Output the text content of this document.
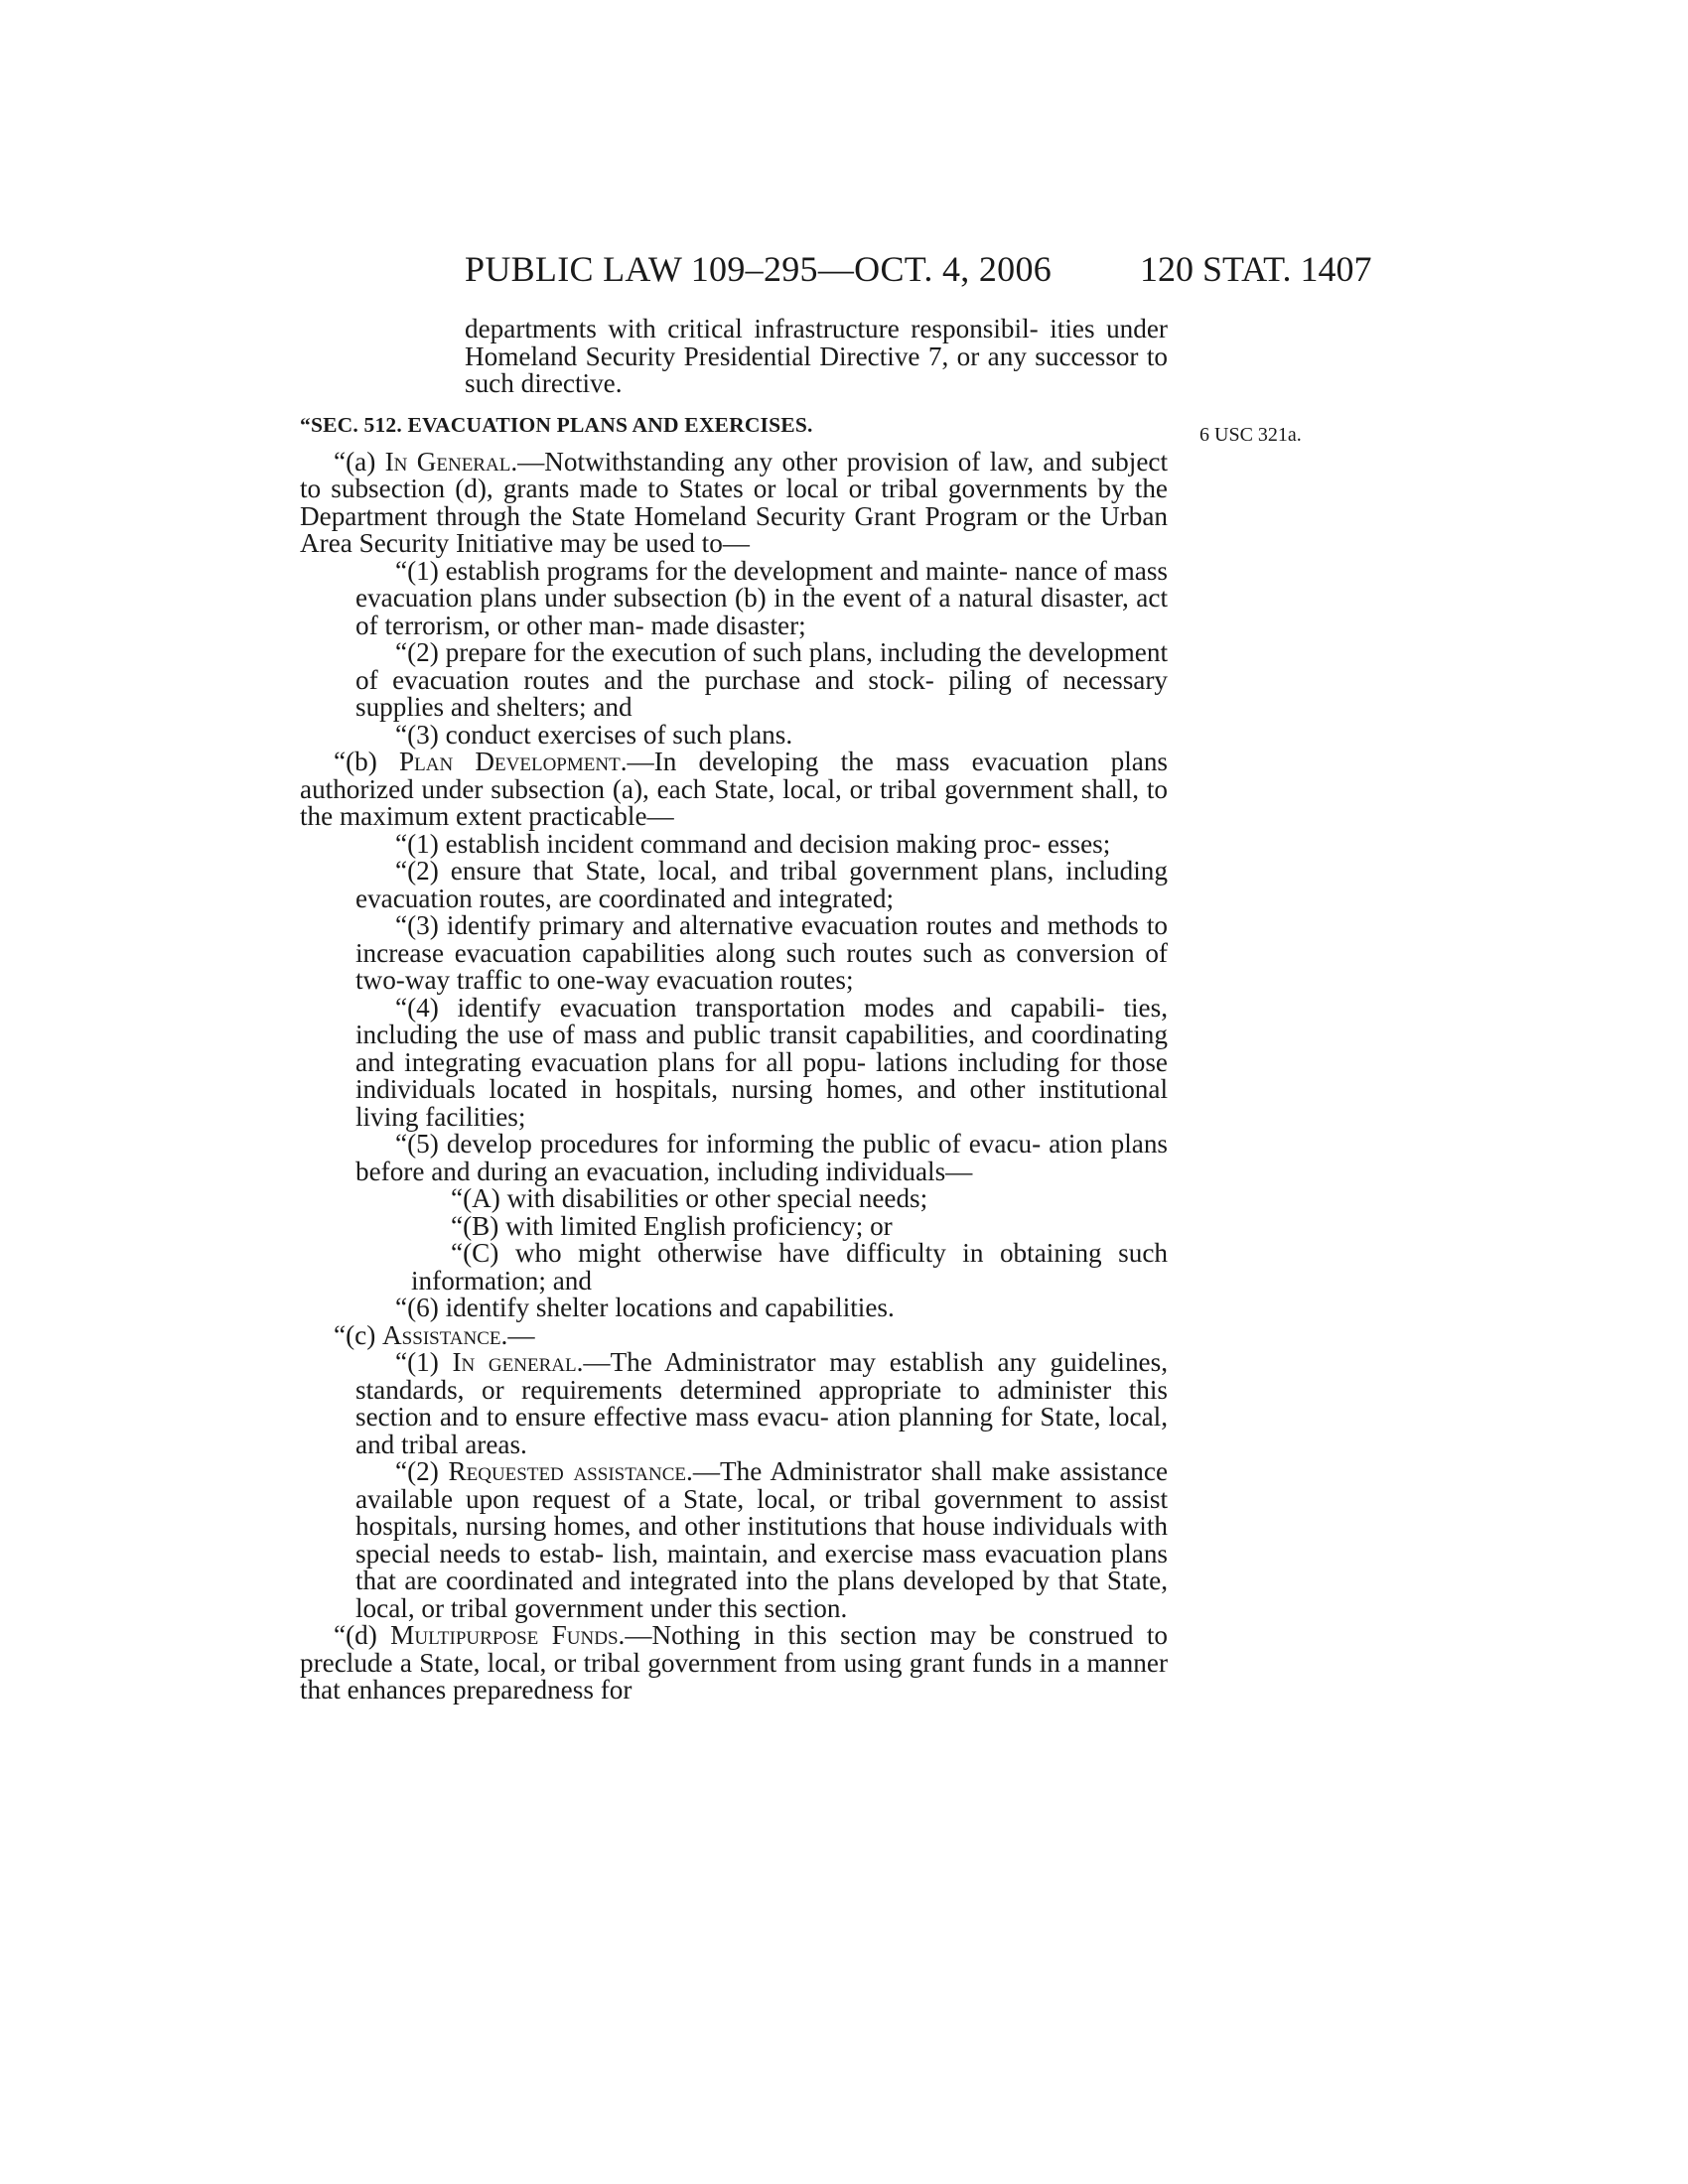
PUBLIC LAW 109–295—OCT. 4, 2006 120 STAT. 1407
6 USC 321a.

departments with critical infrastructure responsibil- ities under Homeland Security Presidential Directive 7, or any successor to such directive.

“SEC. 512. EVACUATION PLANS AND EXERCISES.

“(a) In General.—Notwithstanding any other provision of law, and subject to subsection (d), grants made to States or local or tribal governments by the Department through the State Homeland Security Grant Program or the Urban Area Security Initiative may be used to—

“(1) establish programs for the development and mainte- nance of mass evacuation plans under subsection (b) in the event of a natural disaster, act of terrorism, or other man- made disaster;

“(2) prepare for the execution of such plans, including the development of evacuation routes and the purchase and stock- piling of necessary supplies and shelters; and

“(3) conduct exercises of such plans.

“(b) Plan Development.—In developing the mass evacuation plans authorized under subsection (a), each State, local, or tribal government shall, to the maximum extent practicable—

“(1) establish incident command and decision making proc- esses;

“(2) ensure that State, local, and tribal government plans, including evacuation routes, are coordinated and integrated;

“(3) identify primary and alternative evacuation routes and methods to increase evacuation capabilities along such routes such as conversion of two-way traffic to one-way evacuation routes;

“(4) identify evacuation transportation modes and capabili- ties, including the use of mass and public transit capabilities, and coordinating and integrating evacuation plans for all popu- lations including for those individuals located in hospitals, nursing homes, and other institutional living facilities;

“(5) develop procedures for informing the public of evacu- ation plans before and during an evacuation, including individuals—

“(A) with disabilities or other special needs;

“(B) with limited English proficiency; or

“(C) who might otherwise have difficulty in obtaining such information; and

“(6) identify shelter locations and capabilities.

“(c) Assistance.—

“(1) In general.—The Administrator may establish any guidelines, standards, or requirements determined appropriate to administer this section and to ensure effective mass evacu- ation planning for State, local, and tribal areas.

“(2) Requested assistance.—The Administrator shall make assistance available upon request of a State, local, or tribal government to assist hospitals, nursing homes, and other institutions that house individuals with special needs to estab- lish, maintain, and exercise mass evacuation plans that are coordinated and integrated into the plans developed by that State, local, or tribal government under this section.

“(d) Multipurpose Funds.—Nothing in this section may be construed to preclude a State, local, or tribal government from using grant funds in a manner that enhances preparedness for
